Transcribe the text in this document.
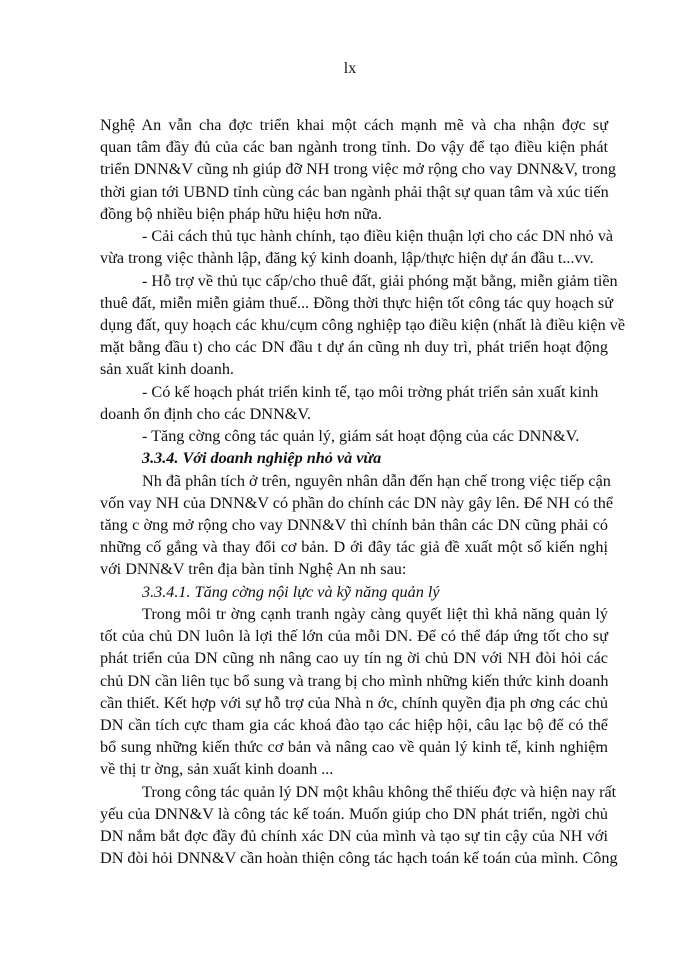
lx
Nghệ An vẫn cha đợc triển khai một cách mạnh mẽ và cha nhận đợc sự
quan tâm đầy đủ của các ban ngành trong tỉnh. Do vậy để tạo điều kiện phát
triển DNN&V cũng nh giúp đỡ NH trong việc mở rộng cho vay DNN&V, trong
thời gian tới UBND tỉnh cùng các ban ngành phải thật sự quan tâm và xúc tiến
đồng bộ nhiều biện pháp hữu hiệu hơn nữa.
- Cải cách thủ tục hành chính, tạo điều kiện thuận lợi cho các DN nhỏ và
vừa trong việc thành lập, đăng ký kinh doanh, lập/thực hiện dự án đầu t...vv.
- Hỗ trợ về thủ tục cấp/cho thuê đất, giải phóng mặt bằng, miễn giảm tiền
thuê đất, miễn miễn giảm thuế... Đồng thời thực hiện tốt công tác quy hoạch sử
dụng đất, quy hoạch các khu/cụm công nghiệp tạo điều kiện (nhất là điều kiện về
mặt bằng đầu t) cho các DN đầu t dự án cũng nh duy trì, phát triển hoạt động
sản xuất kinh doanh.
- Có kế hoạch phát triển kinh tế, tạo môi trờng phát triển sản xuất kinh
doanh ổn định cho các DNN&V.
- Tăng cờng công tác quản lý, giám sát hoạt động của các DNN&V.
3.3.4. Với doanh nghiệp nhỏ và vừa
Nh đã phân tích ở trên, nguyên nhân dẫn đến hạn chế trong việc tiếp cận
vốn vay NH của DNN&V có phần do chính các DN này gây lên. Để NH có thể
tăng c ờng mở rộng cho vay DNN&V thì chính bản thân các DN cũng phải có
những cố gắng và thay đổi cơ bản. D ới đây tác giả đề xuất một số kiến nghị
với DNN&V trên địa bàn tỉnh Nghệ An nh sau:
3.3.4.1. Tăng cờng nội lực và kỹ năng quản lý
Trong môi tr ờng cạnh tranh ngày càng quyết liệt thì khả năng quản lý
tốt của chủ DN luôn là lợi thế lớn của mỗi DN. Để có thể đáp ứng tốt cho sự
phát triển của DN cũng nh nâng cao uy tín ng ời chủ DN với NH đòi hỏi các
chủ DN cần liên tục bổ sung và trang bị cho mình những kiến thức kinh doanh
cần thiết. Kết hợp với sự hỗ trợ của Nhà n ớc, chính quyền địa ph ơng các chủ
DN cần tích cực tham gia các khoá đào tạo các hiệp hội, câu lạc bộ để có thể
bổ sung những kiến thức cơ bản và nâng cao về quản lý kinh tế, kinh nghiệm
về thị tr ờng, sản xuất kinh doanh ...
Trong công tác quản lý DN một khâu không thể thiếu đợc và hiện nay rất
yếu của DNN&V là công tác kế toán. Muốn giúp cho DN phát triển, ngời chủ
DN nắm bắt đợc đầy đủ chính xác DN của mình và tạo sự tin cậy của NH với
DN đòi hỏi DNN&V cần hoàn thiện công tác hạch toán kế toán của mình. Công
